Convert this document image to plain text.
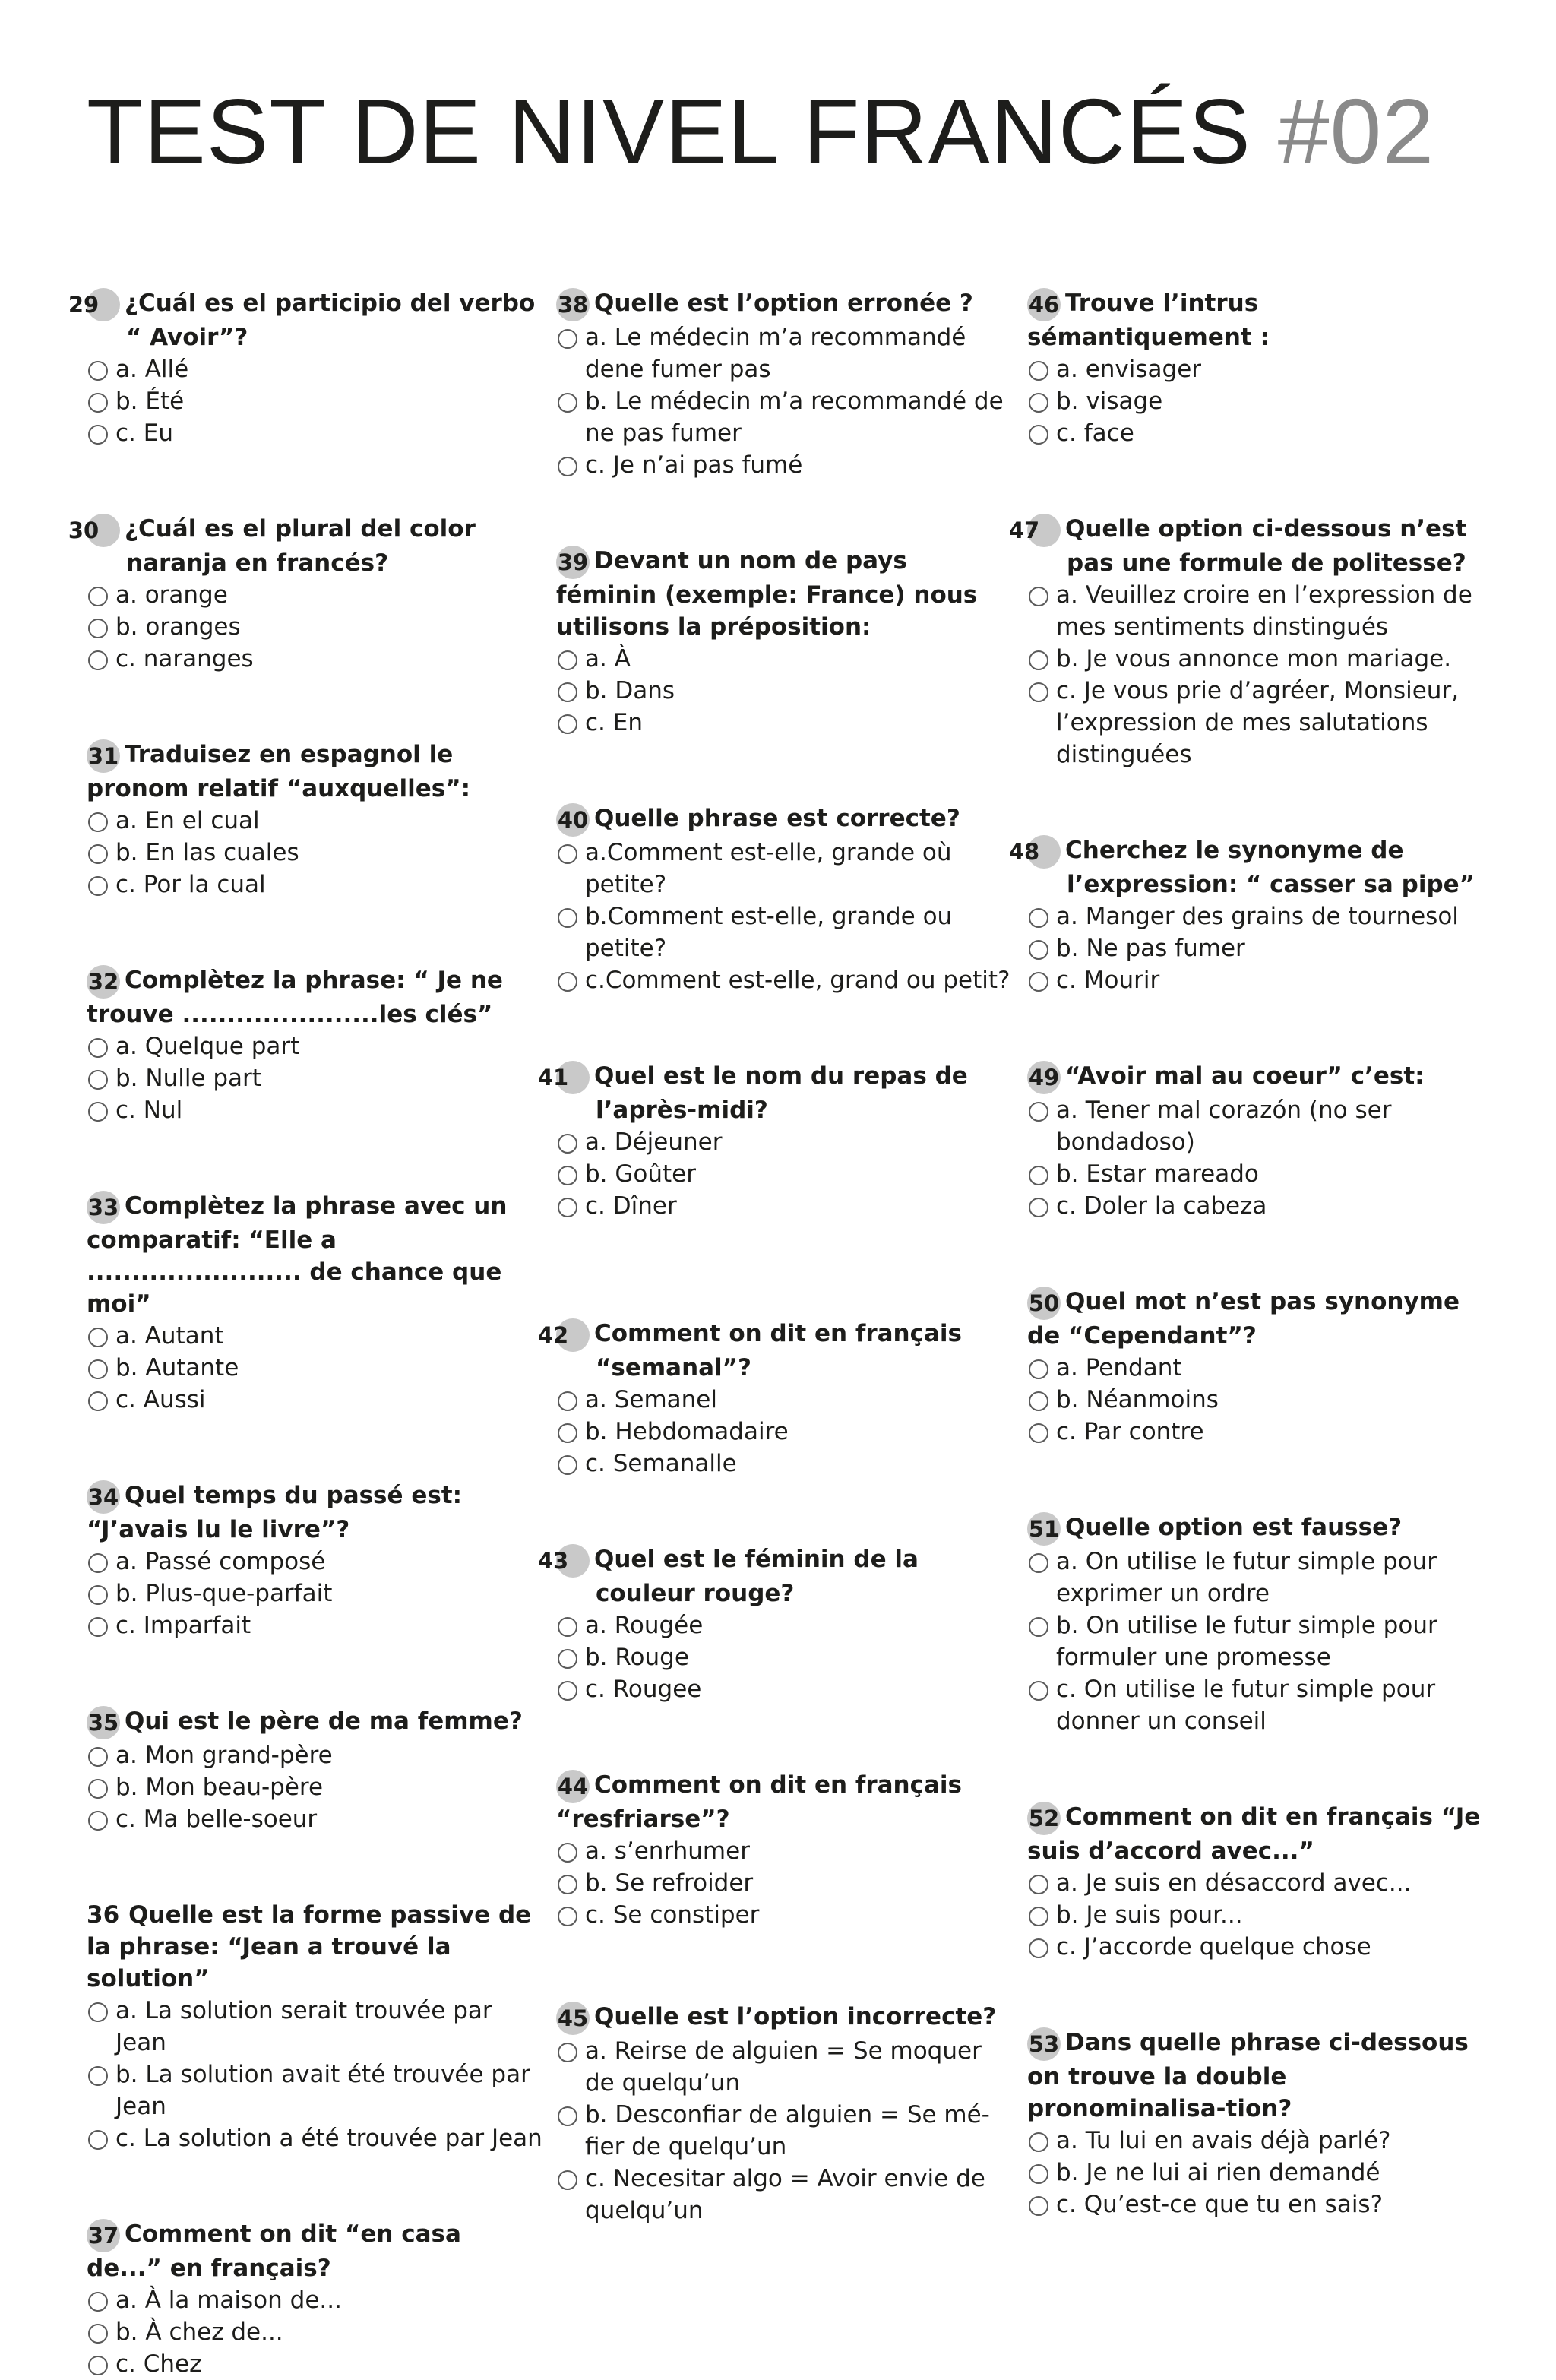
TEST DE NIVEL FRANCÉS #02
29 ¿Cuál es el participio del verbo “ Avoir”?
a. Allé
b. Été
c. Eu
30 ¿Cuál es el plural del color naranja en francés?
a. orange
b. oranges
c. naranges
31 Traduisez en espagnol le pronom relatif “auxquelles”:
a. En el cual
b. En las cuales
c. Por la cual
32 Complètez la phrase: “ Je ne trouve ......................les clés”
a. Quelque part
b. Nulle part
c. Nul
33 Complètez la phrase avec un comparatif: “Elle a ........................ de chance que moi”
a. Autant
b. Autante
c. Aussi
34 Quel temps du passé est: “J’avais lu le livre”?
a. Passé composé
b. Plus-que-parfait
c. Imparfait
35 Qui est le père de ma femme?
a. Mon grand-père
b. Mon beau-père
c. Ma belle-soeur
36 Quelle est la forme passive de la phrase: “Jean a trouvé la solution”
a. La solution serait trouvée par Jean
b. La solution avait été trouvée par Jean
c. La solution a été trouvée par Jean
37 Comment on dit “en casa de...” en français?
a. À la maison de...
b. À chez de...
c. Chez
38 Quelle est l’option erronée ?
a. Le médecin m’a recommandé dene fumer pas
b. Le médecin m’a recommandé de ne pas fumer
c. Je n’ai pas fumé
39 Devant un nom de pays féminin (exemple: France) nous utilisons la préposition:
a. À
b. Dans
c. En
40 Quelle phrase est correcte?
a.Comment est-elle, grande où petite?
b.Comment est-elle, grande ou petite?
c.Comment est-elle, grand ou petit?
41 Quel est le nom du repas de l’après-midi?
a. Déjeuner
b. Goûter
c. Dîner
42 Comment on dit en français “semanal”?
a. Semanel
b. Hebdomadaire
c. Semanalle
43 Quel est le féminin de la couleur rouge?
a. Rougée
b. Rouge
c. Rougee
44 Comment on dit en français “resfriarse”?
a. s’enrhumer
b. Se refroider
c. Se constiper
45 Quelle est l’option incorrecte?
a. Reirse de alguien = Se moquer de quelqu’un
b. Desconfiar de alguien = Se mé-fier de quelqu’un
c. Necesitar algo = Avoir envie de quelqu’un
46 Trouve l’intrus sémantiquement :
a. envisager
b. visage
c. face
47 Quelle option ci-dessous n’est pas une formule de politesse?
a. Veuillez croire en l’expression de mes sentiments dinstingués
b. Je vous annonce mon mariage.
c. Je vous prie d’agréer, Monsieur, l’expression de mes salutations distinguées
48 Cherchez le synonyme de l’expression: “ casser sa pipe”
a. Manger des grains de tournesol
b. Ne pas fumer
c. Mourir
49 “Avoir mal au coeur” c’est:
a. Tener mal corazón (no ser bondadoso)
b. Estar mareado
c. Doler la cabeza
50 Quel mot n’est pas synonyme de “Cependant”?
a. Pendant
b. Néanmoins
c. Par contre
51 Quelle option est fausse?
a. On utilise le futur simple pour exprimer un ordre
b. On utilise le futur simple pour formuler une promesse
c. On utilise le futur simple pour donner un conseil
52 Comment on dit en français “Je suis d’accord avec...”
a. Je suis en désaccord avec...
b. Je suis pour...
c. J’accorde quelque chose
53 Dans quelle phrase ci-dessous on trouve la double pronominalisa-tion?
a. Tu lui en avais déjà parlé?
b. Je ne lui ai rien demandé
c. Qu’est-ce que tu en sais?
